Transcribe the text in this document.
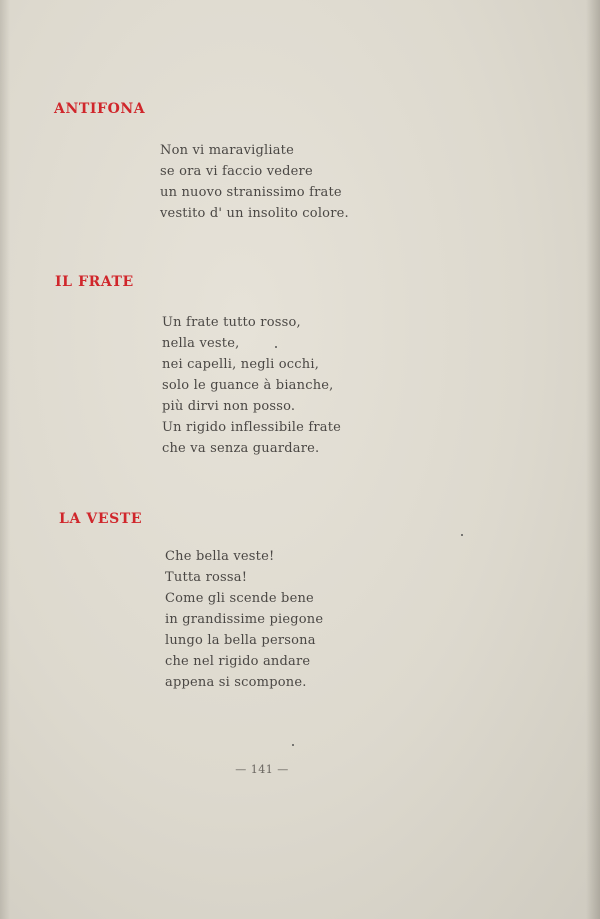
ANTIFONA
Non vi maravigliate
se ora vi faccio vedere
un nuovo stranissimo frate
vestito d' un insolito colore.
IL FRATE
Un frate tutto rosso,
nella veste,
nei capelli, negli occhi,
solo le guance à bianche,
più dirvi non posso.
Un rigido inflessibile frate
che va senza guardare.
LA VESTE
Che bella veste!
Tutta rossa!
Come gli scende bene
in grandissime piegone
lungo la bella persona
che nel rigido andare
appena si scompone.
— 141 —
